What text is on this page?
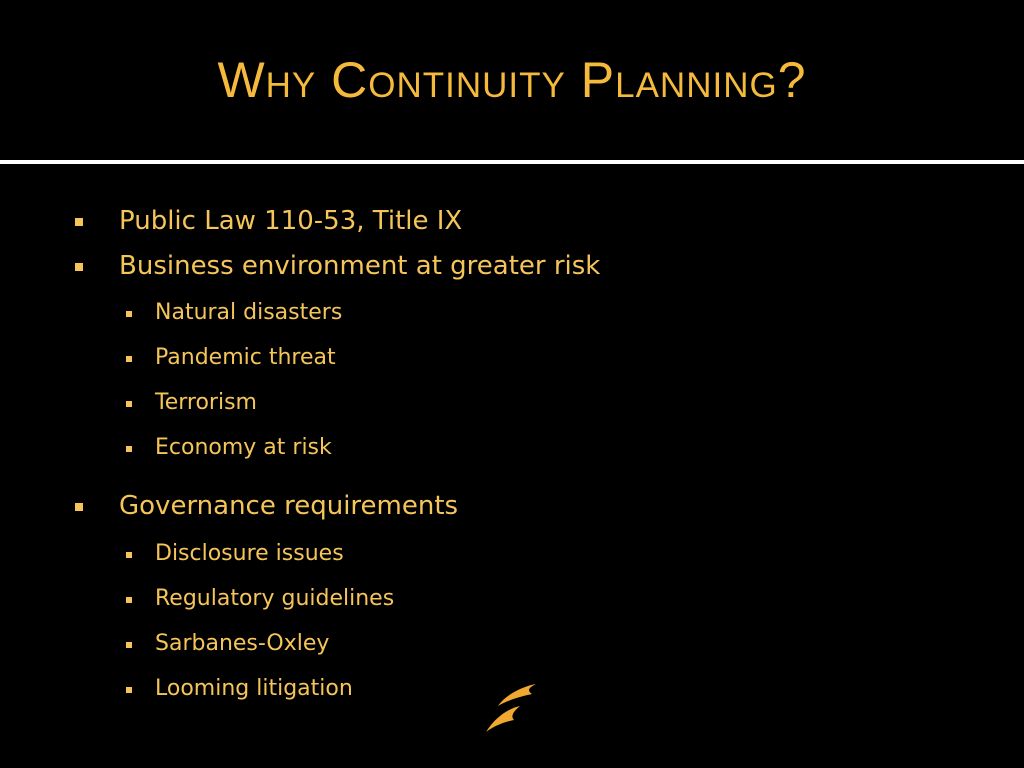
Why Continuity Planning?
Public Law 110-53, Title IX
Business environment at greater risk
Natural disasters
Pandemic threat
Terrorism
Economy at risk
Governance requirements
Disclosure issues
Regulatory guidelines
Sarbanes-Oxley
Looming litigation
